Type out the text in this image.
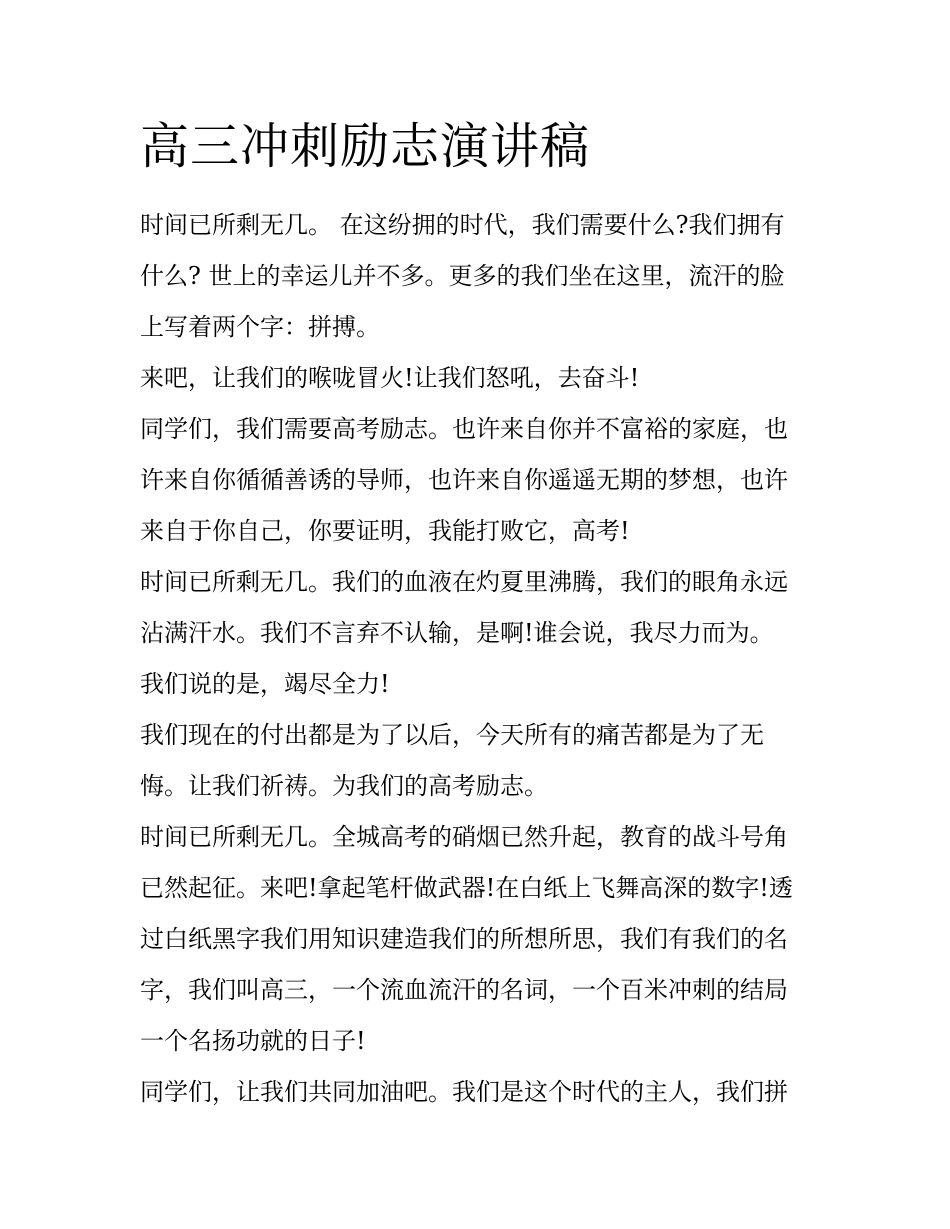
高三冲刺励志演讲稿
时间已所剩无几。 在这纷拥的时代，我们需要什么?我们拥有
什么? 世上的幸运儿并不多。更多的我们坐在这里，流汗的脸
上写着两个字：拼搏。
来吧，让我们的喉咙冒火!让我们怒吼，去奋斗!
同学们，我们需要高考励志。也许来自你并不富裕的家庭，也
许来自你循循善诱的导师，也许来自你遥遥无期的梦想，也许
来自于你自己，你要证明，我能打败它，高考!
时间已所剩无几。我们的血液在灼夏里沸腾，我们的眼角永远
沾满汗水。我们不言弃不认输，是啊!谁会说，我尽力而为。
我们说的是，竭尽全力!
我们现在的付出都是为了以后，今天所有的痛苦都是为了无
悔。让我们祈祷。为我们的高考励志。
时间已所剩无几。全城高考的硝烟已然升起，教育的战斗号角
已然起征。来吧!拿起笔杆做武器!在白纸上飞舞高深的数字!透
过白纸黑字我们用知识建造我们的所想所思，我们有我们的名
字，我们叫高三，一个流血流汗的名词，一个百米冲刺的结局
一个名扬功就的日子!
同学们，让我们共同加油吧。我们是这个时代的主人，我们拼
